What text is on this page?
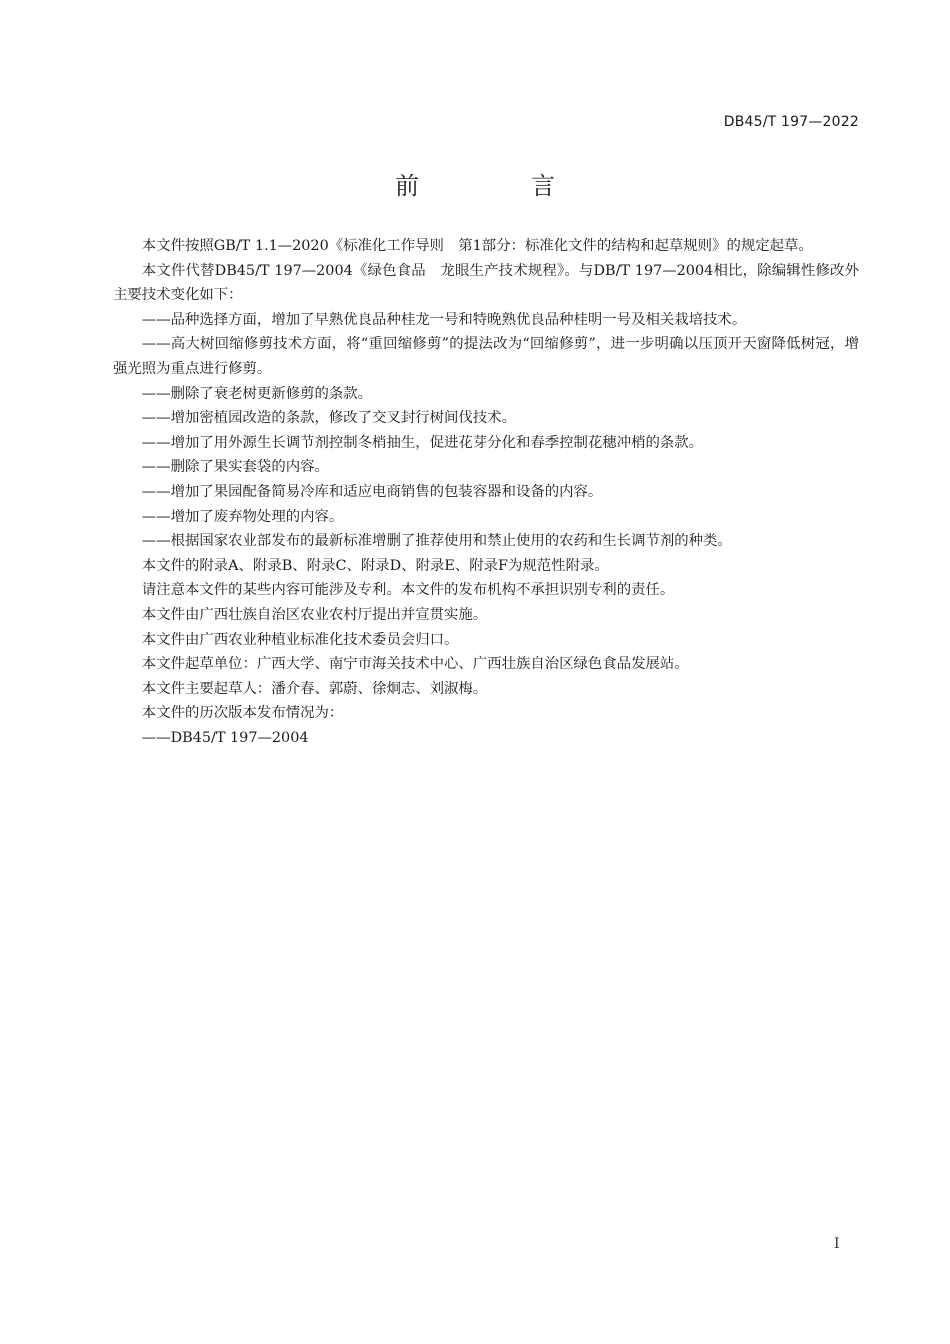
DB45/T 197—2022
前　言

本文件按照GB/T 1.1—2020《标准化工作导则　第1部分：标准化文件的结构和起草规则》的规定起草。

本文件代替DB45/T 197—2004《绿色食品　龙眼生产技术规程》。与DB/T 197—2004相比，除编辑性修改外主要技术变化如下：

——品种选择方面，增加了早熟优良品种桂龙一号和特晚熟优良品种桂明一号及相关栽培技术。

——高大树回缩修剪技术方面，将“重回缩修剪”的提法改为“回缩修剪”，进一步明确以压顶开天窗降低树冠，增强光照为重点进行修剪。

——删除了衰老树更新修剪的条款。

——增加密植园改造的条款，修改了交叉封行树间伐技术。

——增加了用外源生长调节剂控制冬梢抽生，促进花芽分化和春季控制花穗冲梢的条款。

——删除了果实套袋的内容。

——增加了果园配备简易冷库和适应电商销售的包装容器和设备的内容。

——增加了废弃物处理的内容。

——根据国家农业部发布的最新标准增删了推荐使用和禁止使用的农药和生长调节剂的种类。

本文件的附录A、附录B、附录C、附录D、附录E、附录F为规范性附录。

请注意本文件的某些内容可能涉及专利。本文件的发布机构不承担识别专利的责任。

本文件由广西壮族自治区农业农村厅提出并宣贯实施。

本文件由广西农业种植业标准化技术委员会归口。

本文件起草单位：广西大学、南宁市海关技术中心、广西壮族自治区绿色食品发展站。

本文件主要起草人：潘介春、郭蔚、徐炯志、刘淑梅。

本文件的历次版本发布情况为：

——DB45/T 197—2004

I
